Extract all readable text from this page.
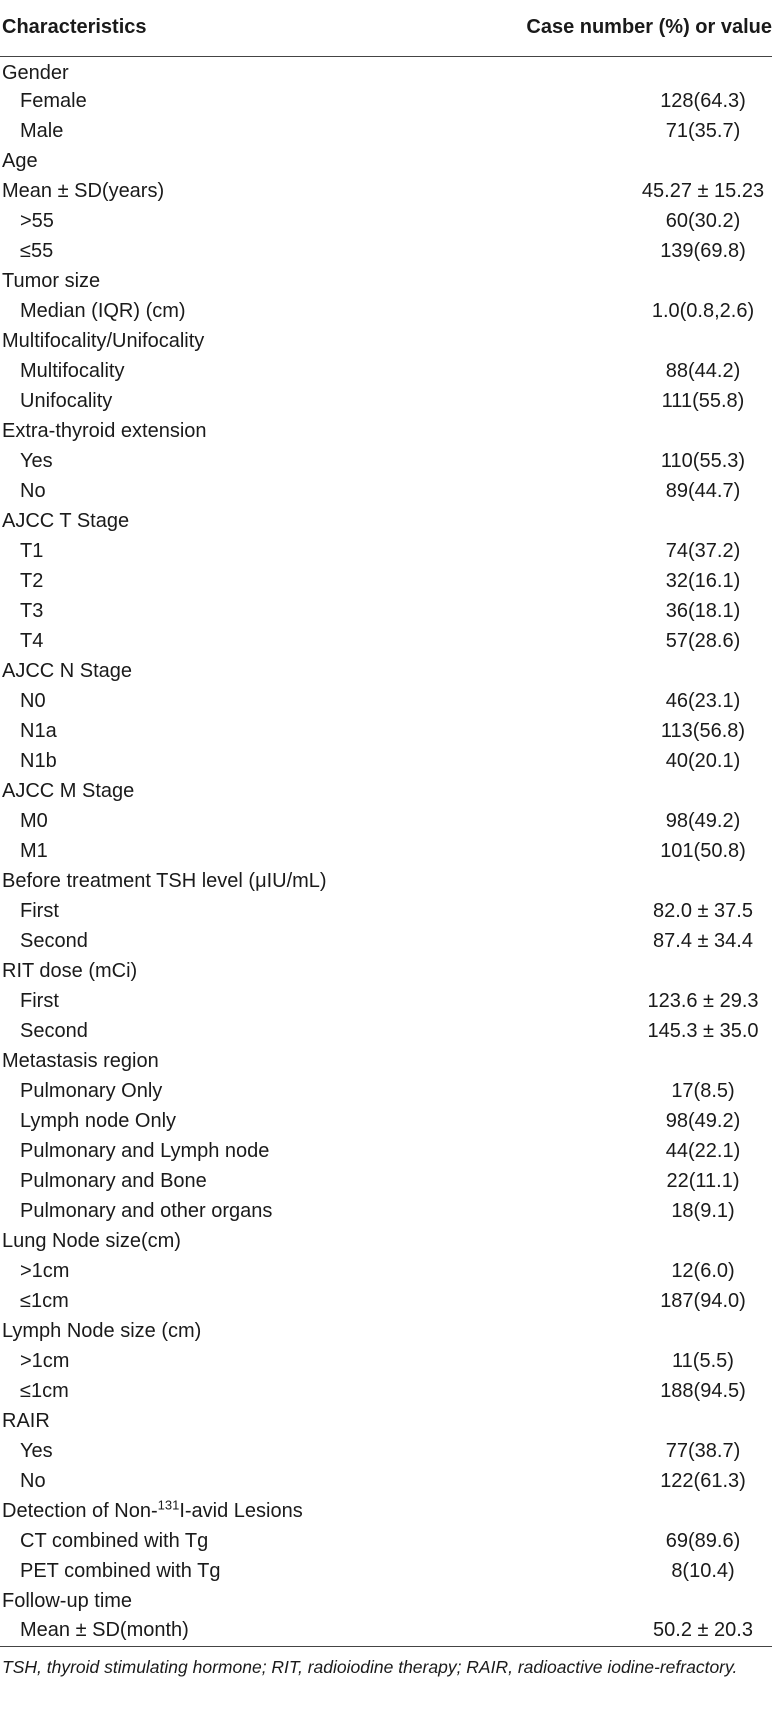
Characteristics	Case number (%) or value
Gender	
Female	128(64.3)
Male	71(35.7)
Age	
Mean ± SD(years)	45.27 ± 15.23
>55	60(30.2)
≤55	139(69.8)
Tumor size	
Median (IQR) (cm)	1.0(0.8,2.6)
Multifocality/Unifocality	
Multifocality	88(44.2)
Unifocality	111(55.8)
Extra-thyroid extension	
Yes	110(55.3)
No	89(44.7)
AJCC T Stage	
T1	74(37.2)
T2	32(16.1)
T3	36(18.1)
T4	57(28.6)
AJCC N Stage	
N0	46(23.1)
N1a	113(56.8)
N1b	40(20.1)
AJCC M Stage	
M0	98(49.2)
M1	101(50.8)
Before treatment TSH level (μIU/mL)	
First	82.0 ± 37.5
Second	87.4 ± 34.4
RIT dose (mCi)	
First	123.6 ± 29.3
Second	145.3 ± 35.0
Metastasis region	
Pulmonary Only	17(8.5)
Lymph node Only	98(49.2)
Pulmonary and Lymph node	44(22.1)
Pulmonary and Bone	22(11.1)
Pulmonary and other organs	18(9.1)
Lung Node size(cm)	
>1cm	12(6.0)
≤1cm	187(94.0)
Lymph Node size (cm)	
>1cm	11(5.5)
≤1cm	188(94.5)
RAIR	
Yes	77(38.7)
No	122(61.3)
Detection of Non-$^{131}$I-avid Lesions	
CT combined with Tg	69(89.6)
PET combined with Tg	8(10.4)
Follow-up time	
Mean ± SD(month)	50.2 ± 20.3
TSH, thyroid stimulating hormone; RIT, radioiodine therapy; RAIR, radioactive iodine-refractory.
